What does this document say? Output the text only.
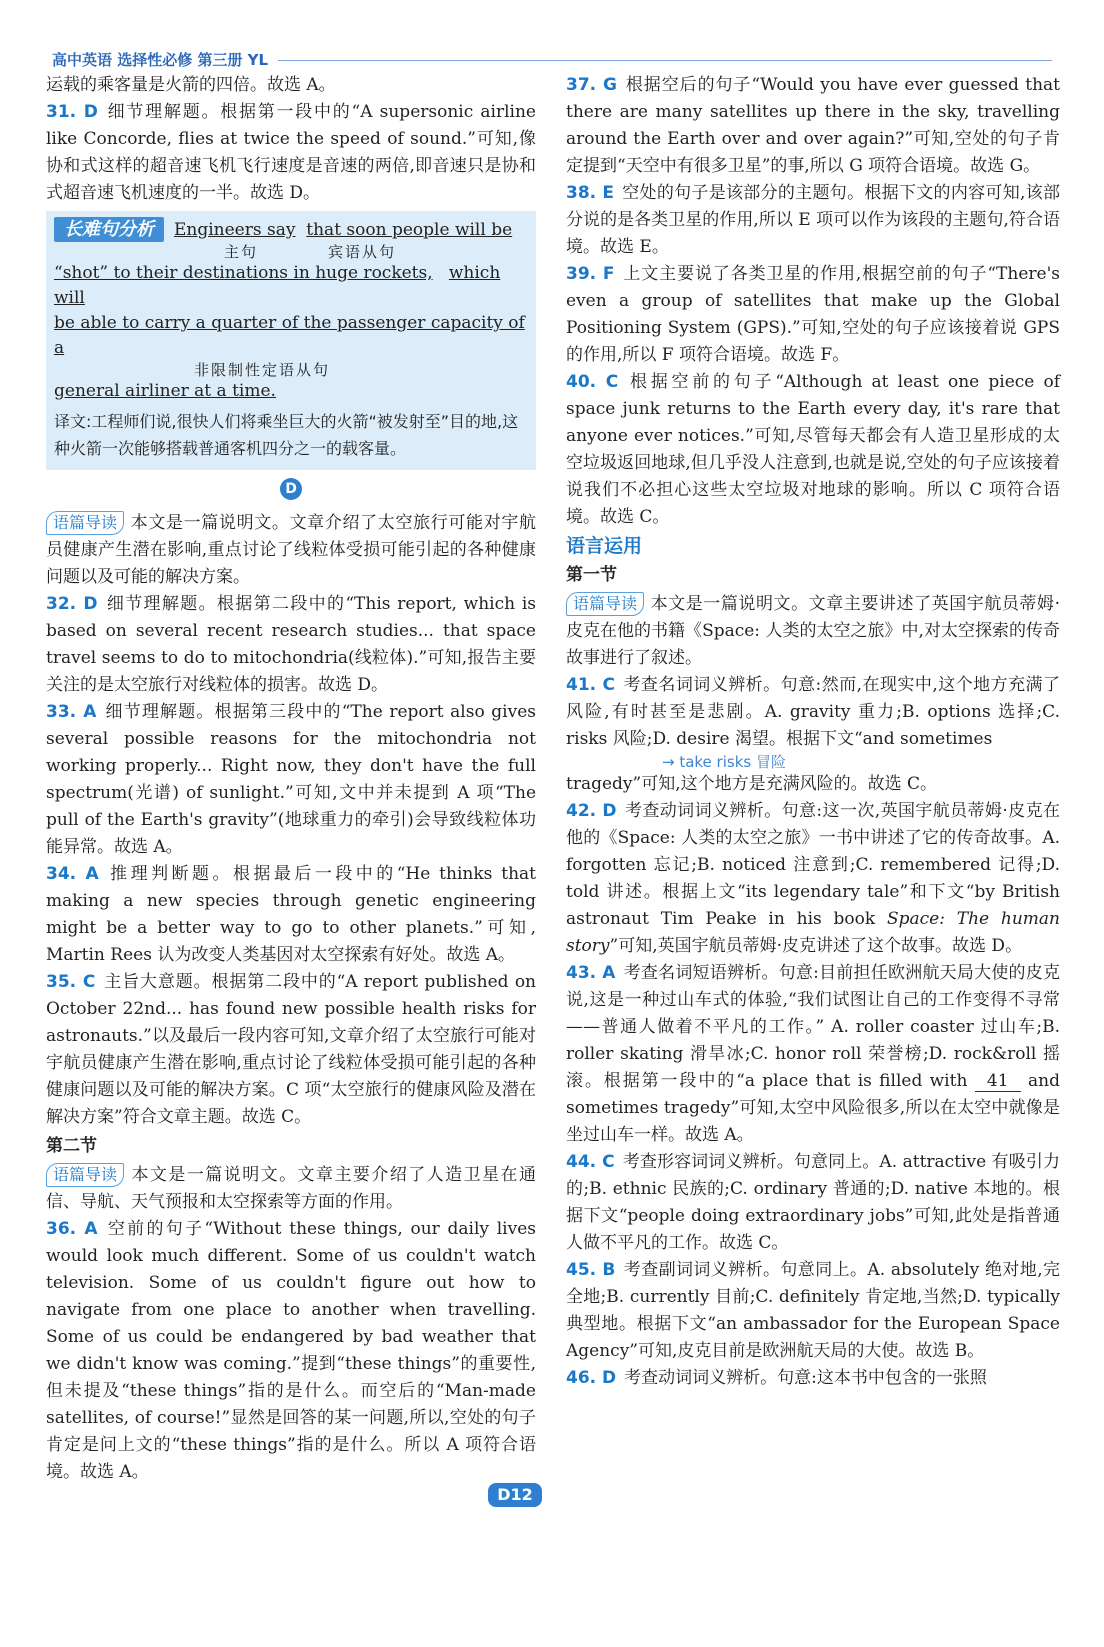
高中英语 选择性必修 第三册 YL

运载的乘客量是火箭的四倍。故选 A。

31. D 细节理解题。根据第一段中的“A supersonic airline like Concorde, flies at twice the speed of sound.”可知,像协和式这样的超音速飞机飞行速度是音速的两倍,即音速只是协和式超音速飞机速度的一半。故选 D。

长难句分析 Engineers say that soon people will be
主句	宾语从句
“shot” to their destinations in huge rockets, which will
be able to carry a quarter of the passenger capacity of a
非限制性定语从句
general airliner at a time.
译文:工程师们说,很快人们将乘坐巨大的火箭“被发射至”目的地,这种火箭一次能够搭载普通客机四分之一的载客量。
D

语篇导读 本文是一篇说明文。文章介绍了太空旅行可能对宇航员健康产生潜在影响,重点讨论了线粒体受损可能引起的各种健康问题以及可能的解决方案。

32. D 细节理解题。根据第二段中的“This report, which is based on several recent research studies... that space travel seems to do to mitochondria(线粒体).”可知,报告主要关注的是太空旅行对线粒体的损害。故选 D。

33. A 细节理解题。根据第三段中的“The report also gives several possible reasons for the mitochondria not working properly... Right now, they don't have the full spectrum(光谱) of sunlight.”可知,文中并未提到 A 项“The pull of the Earth's gravity”(地球重力的牵引)会导致线粒体功能异常。故选 A。

34. A 推理判断题。根据最后一段中的“He thinks that making a new species through genetic engineering might be a better way to go to other planets.”可知, Martin Rees 认为改变人类基因对太空探索有好处。故选 A。

35. C 主旨大意题。根据第二段中的“A report published on October 22nd... has found new possible health risks for astronauts.”以及最后一段内容可知,文章介绍了太空旅行可能对宇航员健康产生潜在影响,重点讨论了线粒体受损可能引起的各种健康问题以及可能的解决方案。C 项“太空旅行的健康风险及潜在解决方案”符合文章主题。故选 C。

第二节

语篇导读 本文是一篇说明文。文章主要介绍了人造卫星在通信、导航、天气预报和太空探索等方面的作用。

36. A 空前的句子“Without these things, our daily lives would look much different. Some of us couldn't watch television. Some of us couldn't figure out how to navigate from one place to another when travelling. Some of us could be endangered by bad weather that we didn't know was coming.”提到“these things”的重要性,但未提及“these things”指的是什么。而空后的“Man-made satellites, of course!”显然是回答的某一问题,所以,空处的句子肯定是问上文的“these things”指的是什么。所以 A 项符合语境。故选 A。

37. G 根据空后的句子“Would you have ever guessed that there are many satellites up there in the sky, travelling around the Earth over and over again?”可知,空处的句子肯定提到“天空中有很多卫星”的事,所以 G 项符合语境。故选 G。

38. E 空处的句子是该部分的主题句。根据下文的内容可知,该部分说的是各类卫星的作用,所以 E 项可以作为该段的主题句,符合语境。故选 E。

39. F 上文主要说了各类卫星的作用,根据空前的句子“There's even a group of satellites that make up the Global Positioning System (GPS).”可知,空处的句子应该接着说 GPS 的作用,所以 F 项符合语境。故选 F。

40. C 根据空前的句子“Although at least one piece of space junk returns to the Earth every day, it's rare that anyone ever notices.”可知,尽管每天都会有人造卫星形成的太空垃圾返回地球,但几乎没人注意到,也就是说,空处的句子应该接着说我们不必担心这些太空垃圾对地球的影响。所以 C 项符合语境。故选 C。

语言运用
第一节

语篇导读 本文是一篇说明文。文章主要讲述了英国宇航员蒂姆·皮克在他的书籍《Space: 人类的太空之旅》中,对太空探索的传奇故事进行了叙述。

41. C 考查名词词义辨析。句意:然而,在现实中,这个地方充满了风险,有时甚至是悲剧。A. gravity 重力;B. options 选择;C. risks 风险;D. desire 渴望。根据下文“and sometimes

→ take risks 冒险

tragedy”可知,这个地方是充满风险的。故选 C。

42. D 考查动词词义辨析。句意:这一次,英国宇航员蒂姆·皮克在他的《Space: 人类的太空之旅》一书中讲述了它的传奇故事。A. forgotten 忘记;B. noticed 注意到;C. remembered 记得;D. told 讲述。根据上文“its legendary tale”和下文“by British astronaut Tim Peake in his book Space: The human story”可知,英国宇航员蒂姆·皮克讲述了这个故事。故选 D。

43. A 考查名词短语辨析。句意:目前担任欧洲航天局大使的皮克说,这是一种过山车式的体验,“我们试图让自己的工作变得不寻常——普通人做着不平凡的工作。” A. roller coaster 过山车;B. roller skating 滑旱冰;C. honor roll 荣誉榜;D. rock&roll 摇滚。根据第一段中的“a place that is filled with 41 and sometimes tragedy”可知,太空中风险很多,所以在太空中就像是坐过山车一样。故选 A。

44. C 考查形容词词义辨析。句意同上。A. attractive 有吸引力的;B. ethnic 民族的;C. ordinary 普通的;D. native 本地的。根据下文“people doing extraordinary jobs”可知,此处是指普通人做不平凡的工作。故选 C。

45. B 考查副词词义辨析。句意同上。A. absolutely 绝对地,完全地;B. currently 目前;C. definitely 肯定地,当然;D. typically 典型地。根据下文“an ambassador for the European Space Agency”可知,皮克目前是欧洲航天局的大使。故选 B。

46. D 考查动词词义辨析。句意:这本书中包含的一张照

D12
